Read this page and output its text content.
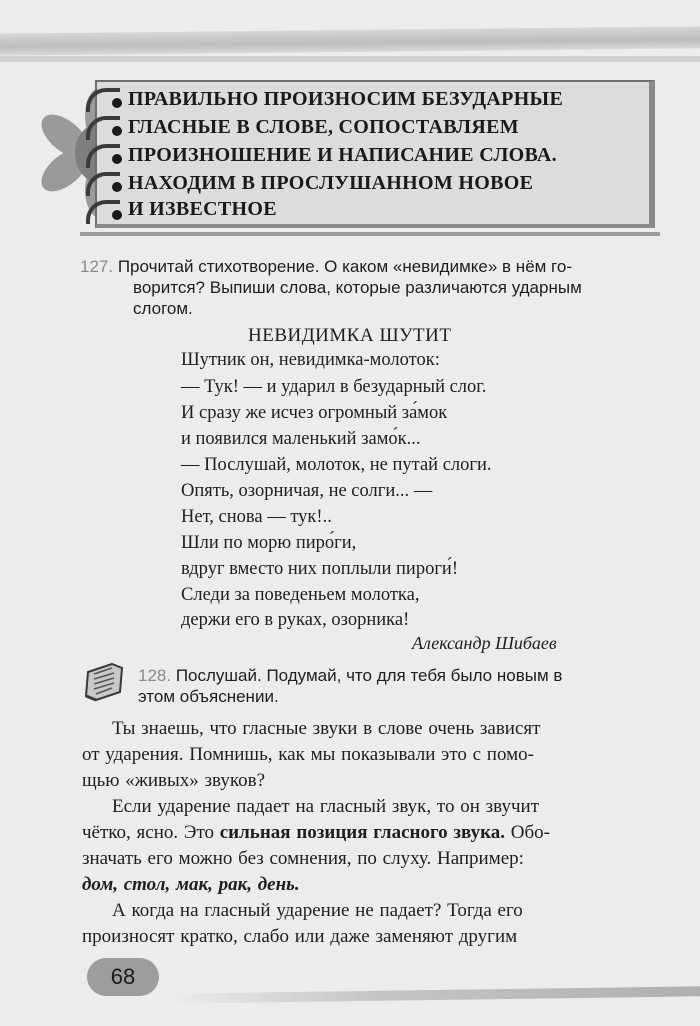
ПРАВИЛЬНО ПРОИЗНОСИМ БЕЗУДАРНЫЕ
ГЛАСНЫЕ В СЛОВЕ, СОПОСТАВЛЯЕМ
ПРОИЗНОШЕНИЕ И НАПИСАНИЕ СЛОВА.
НАХОДИМ В ПРОСЛУШАННОМ НОВОЕ
И ИЗВЕСТНОЕ
127. Прочитай стихотворение. О каком «невидимке» в нём го-
ворится? Выпиши слова, которые различаются ударным
слогом.
НЕВИДИМКА ШУТИТ
Шутник он, невидимка-молоток:
— Тук! — и ударил в безударный слог.
И сразу же исчез огромный за́мок
и появился маленький замо́к...
— Послушай, молоток, не путай слоги.
Опять, озорничая, не солги... —
Нет, снова — тук!..
Шли по морю пиро́ги,
вдруг вместо них поплыли пироги́!
Следи за поведеньем молотка,
держи его в руках, озорника!
Александр Шибаев
128. Послушай. Подумай, что для тебя было новым в
этом объяснении.
Ты знаешь, что гласные звуки в слове очень зависят
от ударения. Помнишь, как мы показывали это с помо-
щью «живых» звуков?
Если ударение падает на гласный звук, то он звучит
чётко, ясно. Это сильная позиция гласного звука. Обо-
значать его можно без сомнения, по слуху. Например:
дом, стол, мак, рак, день.
А когда на гласный ударение не падает? Тогда его
произносят кратко, слабо или даже заменяют другим
68
